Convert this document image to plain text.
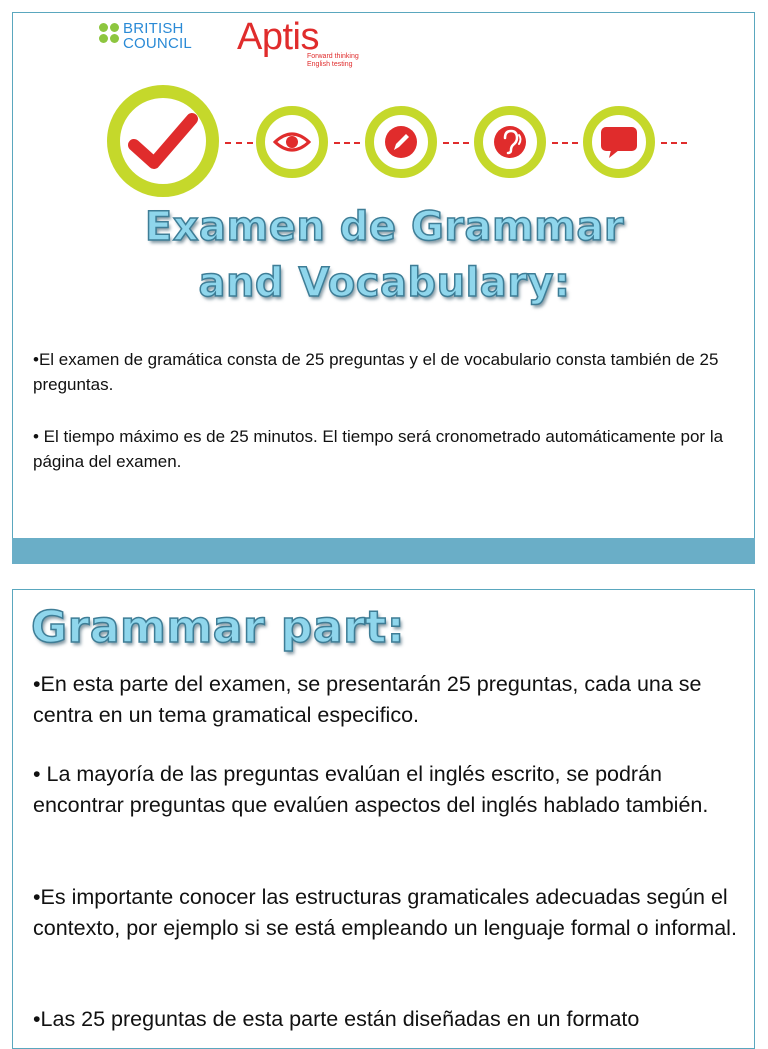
BRITISH
COUNCIL Aptis
Forward thinking
English testing
Examen de Grammar
and Vocabulary:
•El examen de gramática consta de 25 preguntas y el de vocabulario consta también de 25 preguntas.
• El tiempo máximo es de 25 minutos. El tiempo será cronometrado automáticamente por la página del examen.
Grammar part:
•En esta parte del examen, se presentarán 25 preguntas, cada una se centra en un tema gramatical especifico.
• La mayoría de las preguntas evalúan el inglés escrito, se podrán encontrar preguntas que evalúen aspectos del inglés hablado también.
•Es importante conocer las estructuras gramaticales adecuadas según el contexto, por ejemplo si se está empleando un lenguaje formal o informal.
•Las 25 preguntas de esta parte están diseñadas en un formato
